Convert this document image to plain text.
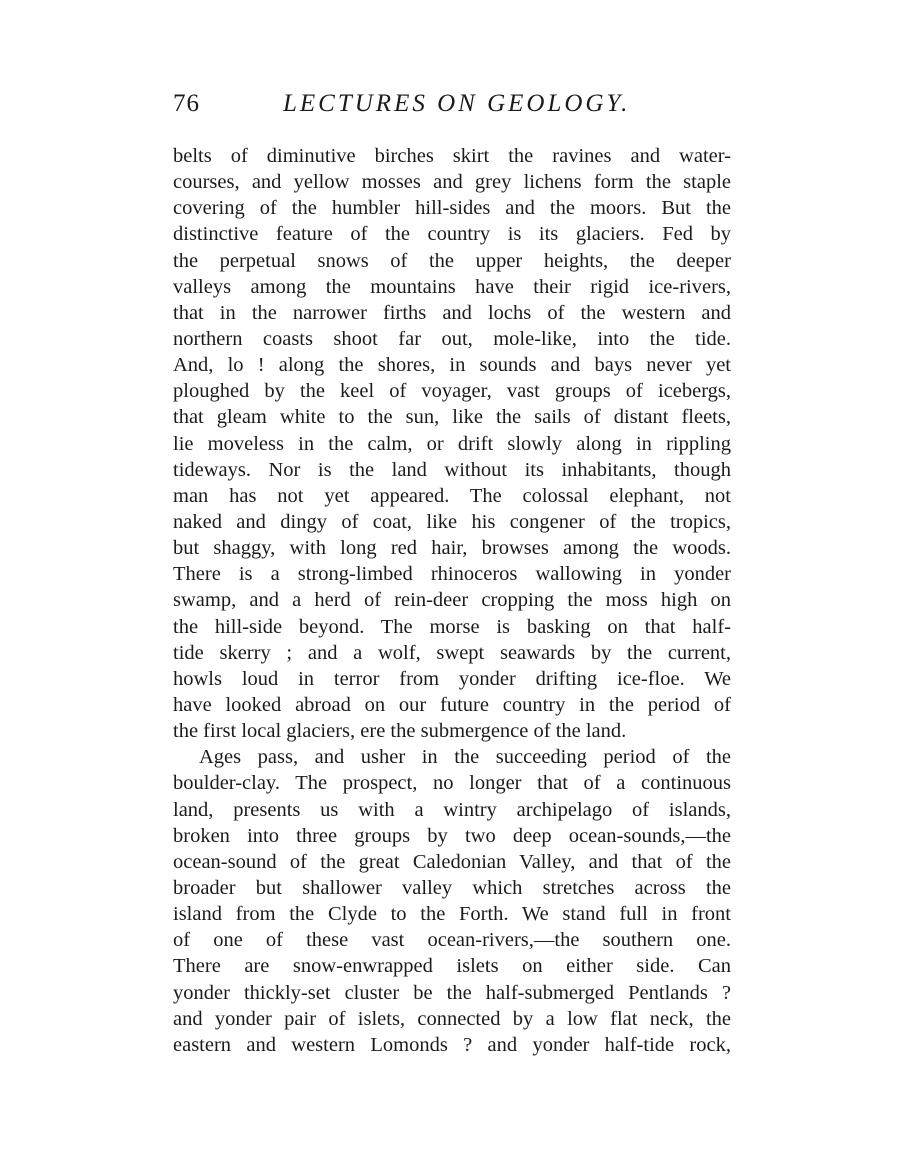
76	LECTURES ON GEOLOGY.
belts of diminutive birches skirt the ravines and water-
courses, and yellow mosses and grey lichens form the staple
covering of the humbler hill-sides and the moors. But the
distinctive feature of the country is its glaciers. Fed by
the perpetual snows of the upper heights, the deeper
valleys among the mountains have their rigid ice-rivers,
that in the narrower firths and lochs of the western and
northern coasts shoot far out, mole-like, into the tide.
And, lo ! along the shores, in sounds and bays never yet
ploughed by the keel of voyager, vast groups of icebergs,
that gleam white to the sun, like the sails of distant fleets,
lie moveless in the calm, or drift slowly along in rippling
tideways. Nor is the land without its inhabitants, though
man has not yet appeared. The colossal elephant, not
naked and dingy of coat, like his congener of the tropics,
but shaggy, with long red hair, browses among the woods.
There is a strong-limbed rhinoceros wallowing in yonder
swamp, and a herd of rein-deer cropping the moss high on
the hill-side beyond. The morse is basking on that half-
tide skerry ; and a wolf, swept seawards by the current,
howls loud in terror from yonder drifting ice-floe. We
have looked abroad on our future country in the period of
the first local glaciers, ere the submergence of the land.
Ages pass, and usher in the succeeding period of the
boulder-clay. The prospect, no longer that of a continuous
land, presents us with a wintry archipelago of islands,
broken into three groups by two deep ocean-sounds,—the
ocean-sound of the great Caledonian Valley, and that of the
broader but shallower valley which stretches across the
island from the Clyde to the Forth. We stand full in front
of one of these vast ocean-rivers,—the southern one.
There are snow-enwrapped islets on either side. Can
yonder thickly-set cluster be the half-submerged Pentlands ?
and yonder pair of islets, connected by a low flat neck, the
eastern and western Lomonds ? and yonder half-tide rock,
